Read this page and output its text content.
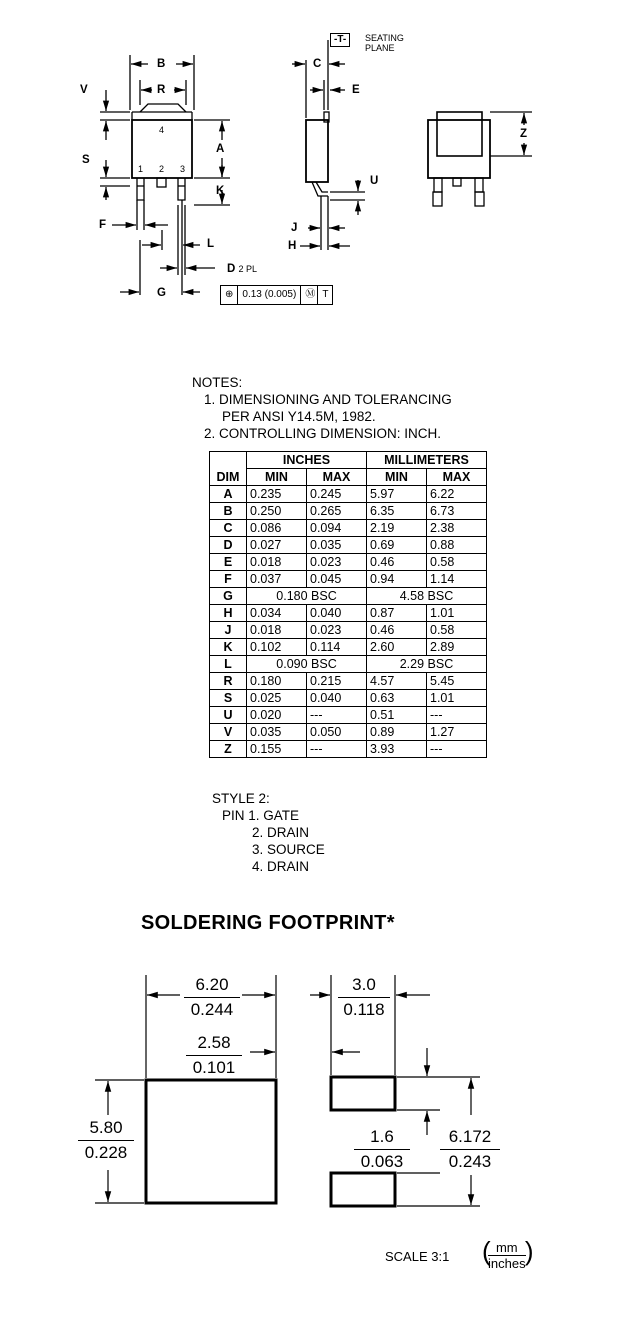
-T-	SEATING
PLANE
B
R
V
A
S
K
F
L
D 2 PL
G
C
E
U
J
H
Z
1 2 3
4
⊕ 0.13 (0.005) Ⓜ T
NOTES:
1. DIMENSIONING AND TOLERANCING
PER ANSI Y14.5M, 1982.
2. CONTROLLING DIMENSION: INCH.
	INCHES		MILLIMETERS	
DIM	MIN	MAX	MIN	MAX
A	0.235	0.245	5.97	6.22
B	0.250	0.265	6.35	6.73
C	0.086	0.094	2.19	2.38
D	0.027	0.035	0.69	0.88
E	0.018	0.023	0.46	0.58
F	0.037	0.045	0.94	1.14
G	0.180 BSC		4.58 BSC	
H	0.034	0.040	0.87	1.01
J	0.018	0.023	0.46	0.58
K	0.102	0.114	2.60	2.89
L	0.090 BSC		2.29 BSC	
R	0.180	0.215	4.57	5.45
S	0.025	0.040	0.63	1.01
U	0.020	---	0.51	---
V	0.035	0.050	0.89	1.27
Z	0.155	---	3.93	---
STYLE 2:
PIN 1. GATE
2. DRAIN
3. SOURCE
4. DRAIN
SOLDERING FOOTPRINT*
$\frac{6.20}{0.244}$
$\frac{2.58}{0.101}$
$\frac{3.0}{0.118}$
$\frac{5.80}{0.228}$	$\frac{1.6}{0.063} \frac{6.172}{0.243}$
SCALE 3:1 ( mm
inches )
